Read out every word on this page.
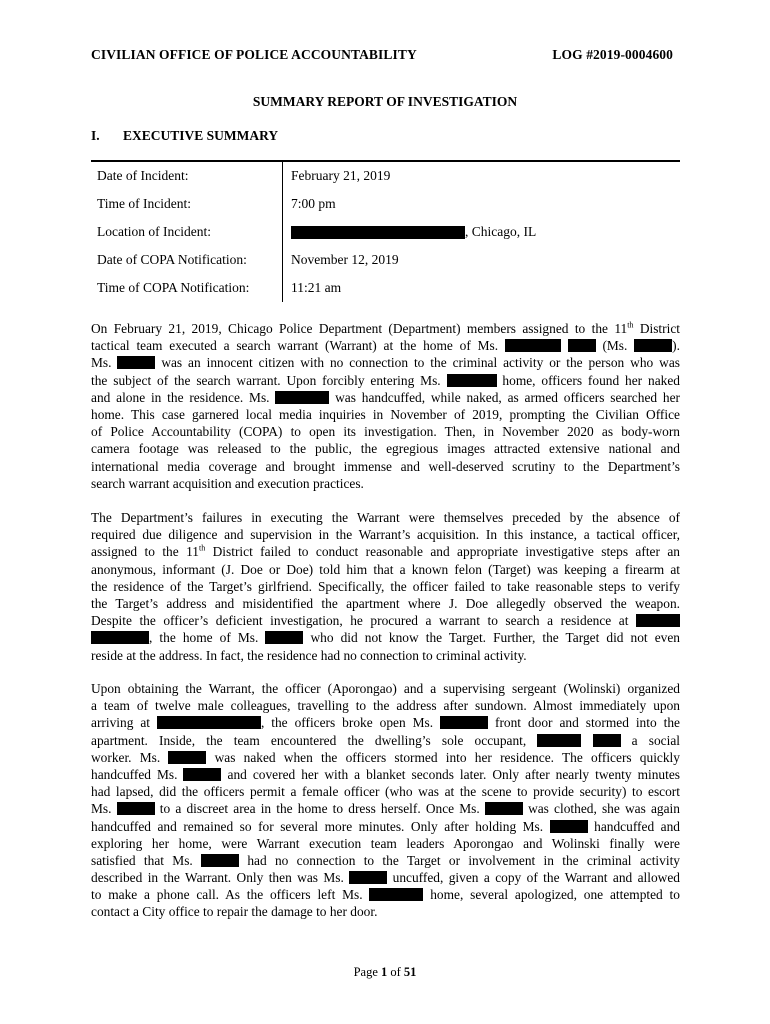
CIVILIAN OFFICE OF POLICE ACCOUNTABILITY	LOG #2019-0004600
SUMMARY REPORT OF INVESTIGATION
I. EXECUTIVE SUMMARY
Date of Incident:	February 21, 2019
Time of Incident:	7:00 pm
Location of Incident:	, Chicago, IL
Date of COPA Notification:	November 12, 2019
Time of COPA Notification:	11:21 am
On February 21, 2019, Chicago Police Department (Department) members assigned to the 11th District
tactical team executed a search warrant (Warrant) at the home of Ms.	(Ms.	).
Ms.	was an innocent citizen with no connection to the criminal activity or the person who was
the subject of the search warrant. Upon forcibly entering Ms.	home, officers found her naked
and alone in the residence. Ms.	was handcuffed, while naked, as armed officers searched her
home. This case garnered local media inquiries in November of 2019, prompting the Civilian Office
of Police Accountability (COPA) to open its investigation. Then, in November 2020 as body-worn
camera footage was released to the public, the egregious images attracted extensive national and
international media coverage and brought immense and well-deserved scrutiny to the Department’s
search warrant acquisition and execution practices.
The Department’s failures in executing the Warrant were themselves preceded by the absence of
required due diligence and supervision in the Warrant’s acquisition. In this instance, a tactical officer,
assigned to the 11th District failed to conduct reasonable and appropriate investigative steps after an
anonymous, informant (J. Doe or Doe) told him that a known felon (Target) was keeping a firearm at
the residence of the Target’s girlfriend. Specifically, the officer failed to take reasonable steps to verify
the Target’s address and misidentified the apartment where J. Doe allegedly observed the weapon.
Despite the officer’s deficient investigation, he procured a warrant to search a residence at
, the home of Ms.	who did not know the Target. Further, the Target did not even
reside at the address. In fact, the residence had no connection to criminal activity.
Upon obtaining the Warrant, the officer (Aporongao) and a supervising sergeant (Wolinski) organized
a team of twelve male colleagues, travelling to the address after sundown. Almost immediately upon
arriving at	, the officers broke open Ms.	front door and stormed into the
apartment. Inside, the team encountered the dwelling’s sole occupant,	a social
worker. Ms.	was naked when the officers stormed into her residence. The officers quickly
handcuffed Ms.	and covered her with a blanket seconds later. Only after nearly twenty minutes
had lapsed, did the officers permit a female officer (who was at the scene to provide security) to escort
Ms.	to a discreet area in the home to dress herself. Once Ms.	was clothed, she was again
handcuffed and remained so for several more minutes. Only after holding Ms.	handcuffed and
exploring her home, were Warrant execution team leaders Aporongao and Wolinski finally were
satisfied that Ms.	had no connection to the Target or involvement in the criminal activity
described in the Warrant. Only then was Ms.	uncuffed, given a copy of the Warrant and allowed
to make a phone call. As the officers left Ms.	home, several apologized, one attempted to
contact a City office to repair the damage to her door.
Page 1 of 51
